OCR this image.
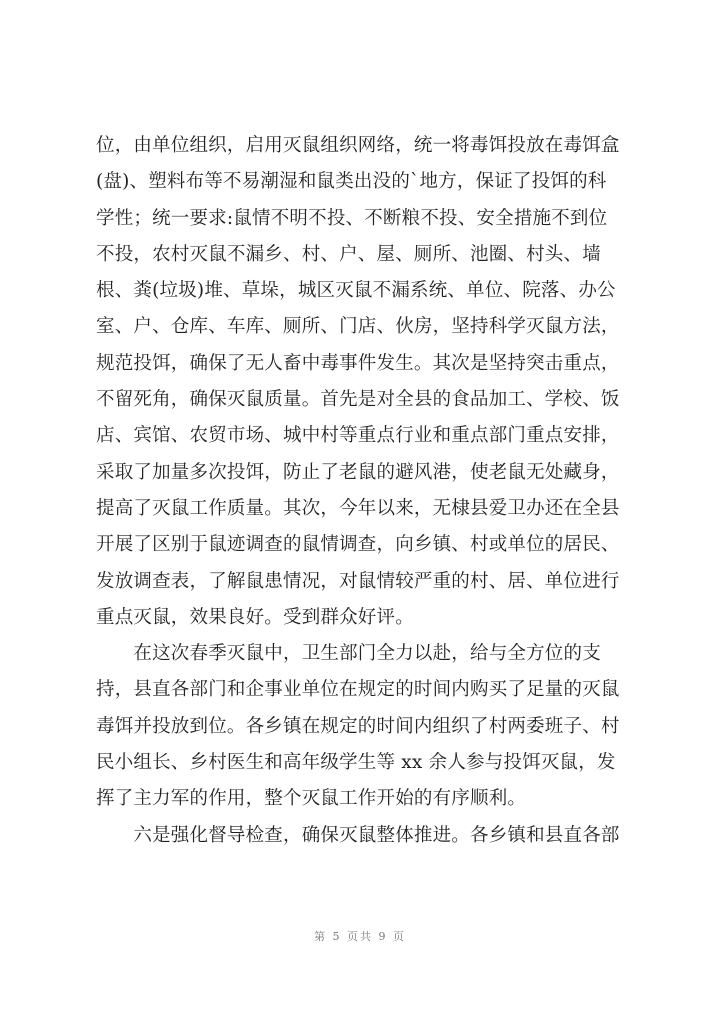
位，由单位组织，启用灭鼠组织网络，统一将毒饵投放在毒饵盒
(盘)、塑料布等不易潮湿和鼠类出没的`地方，保证了投饵的科
学性；统一要求:鼠情不明不投、不断粮不投、安全措施不到位
不投，农村灭鼠不漏乡、村、户、屋、厕所、池圈、村头、墙
根、粪(垃圾)堆、草垛，城区灭鼠不漏系统、单位、院落、办公
室、户、仓库、车库、厕所、门店、伙房，坚持科学灭鼠方法，
规范投饵，确保了无人畜中毒事件发生。其次是坚持突击重点，
不留死角，确保灭鼠质量。首先是对全县的食品加工、学校、饭
店、宾馆、农贸市场、城中村等重点行业和重点部门重点安排，
采取了加量多次投饵，防止了老鼠的避风港，使老鼠无处藏身，
提高了灭鼠工作质量。其次，今年以来，无棣县爱卫办还在全县
开展了区别于鼠迹调查的鼠情调查，向乡镇、村或单位的居民、
发放调查表，了解鼠患情况，对鼠情较严重的村、居、单位进行
重点灭鼠，效果良好。受到群众好评。
　　在这次春季灭鼠中，卫生部门全力以赴，给与全方位的支
持，县直各部门和企事业单位在规定的时间内购买了足量的灭鼠
毒饵并投放到位。各乡镇在规定的时间内组织了村两委班子、村
民小组长、乡村医生和高年级学生等 xx 余人参与投饵灭鼠，发
挥了主力军的作用，整个灭鼠工作开始的有序顺利。
　　六是强化督导检查，确保灭鼠整体推进。各乡镇和县直各部
第 5 页共 9 页
